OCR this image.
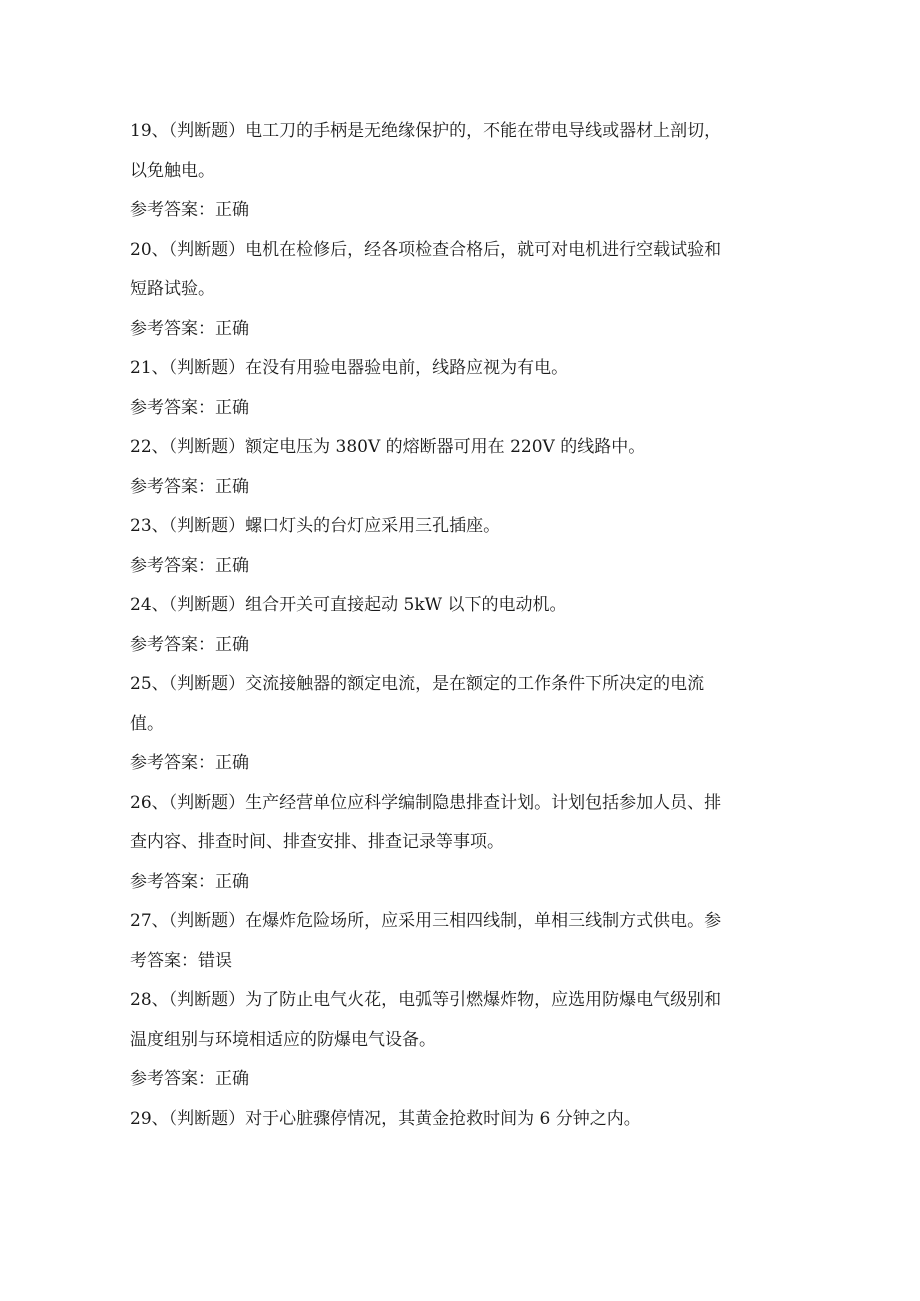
19、（判断题）电工刀的手柄是无绝缘保护的，不能在带电导线或器材上剖切，
以免触电。
参考答案：正确
20、（判断题）电机在检修后，经各项检查合格后，就可对电机进行空载试验和
短路试验。
参考答案：正确
21、（判断题）在没有用验电器验电前，线路应视为有电。
参考答案：正确
22、（判断题）额定电压为 380V 的熔断器可用在 220V 的线路中。
参考答案：正确
23、（判断题）螺口灯头的台灯应采用三孔插座。
参考答案：正确
24、（判断题）组合开关可直接起动 5kW 以下的电动机。
参考答案：正确
25、（判断题）交流接触器的额定电流，是在额定的工作条件下所决定的电流
值。
参考答案：正确
26、（判断题）生产经营单位应科学编制隐患排查计划。计划包括参加人员、排
查内容、排查时间、排查安排、排查记录等事项。
参考答案：正确
27、（判断题）在爆炸危险场所，应采用三相四线制，单相三线制方式供电。参
考答案：错误
28、（判断题）为了防止电气火花，电弧等引燃爆炸物，应选用防爆电气级别和
温度组别与环境相适应的防爆电气设备。
参考答案：正确
29、（判断题）对于心脏骤停情况，其黄金抢救时间为 6 分钟之内。
